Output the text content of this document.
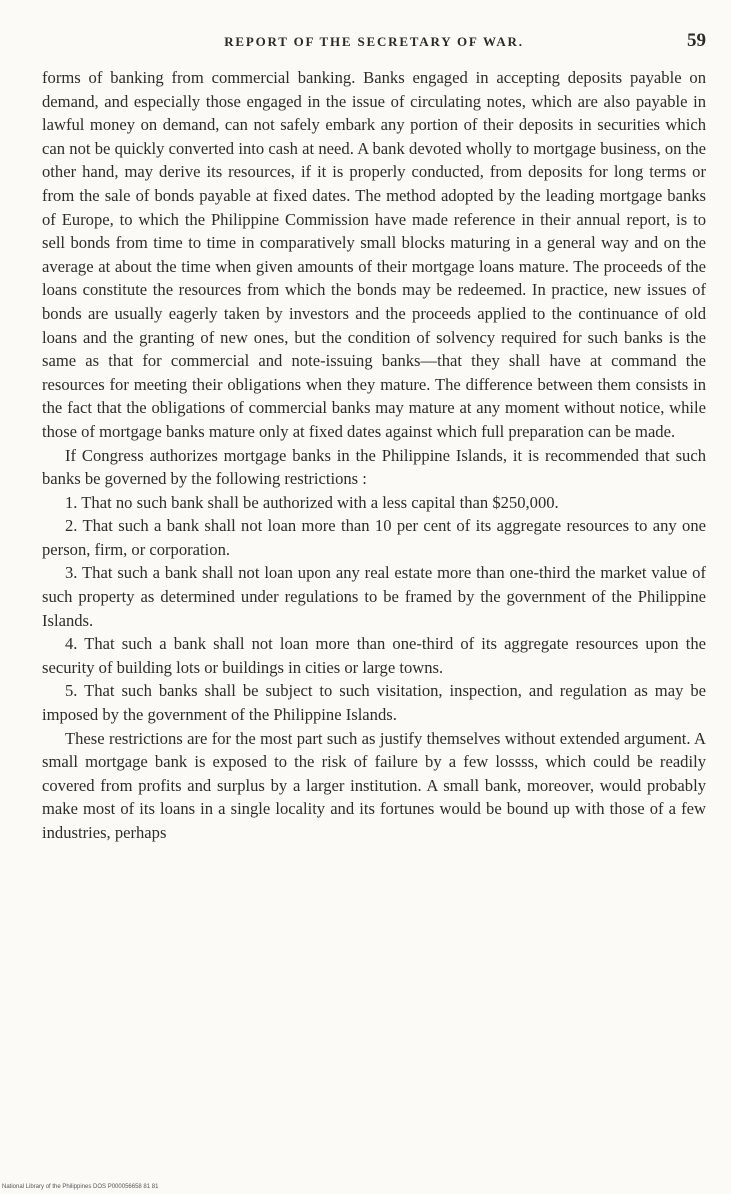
REPORT OF THE SECRETARY OF WAR.	59

forms of banking from commercial banking. Banks engaged in accepting deposits payable on demand, and especially those engaged in the issue of circulating notes, which are also payable in lawful money on demand, can not safely embark any portion of their deposits in securities which can not be quickly converted into cash at need. A bank devoted wholly to mortgage business, on the other hand, may derive its resources, if it is properly conducted, from deposits for long terms or from the sale of bonds payable at fixed dates. The method adopted by the leading mortgage banks of Europe, to which the Philippine Commission have made reference in their annual report, is to sell bonds from time to time in comparatively small blocks maturing in a general way and on the average at about the time when given amounts of their mortgage loans mature. The proceeds of the loans constitute the resources from which the bonds may be redeemed. In practice, new issues of bonds are usually eagerly taken by investors and the proceeds applied to the continuance of old loans and the granting of new ones, but the condition of solvency required for such banks is the same as that for commercial and note-issuing banks—that they shall have at command the resources for meeting their obligations when they mature. The difference between them consists in the fact that the obligations of commercial banks may mature at any moment without notice, while those of mortgage banks mature only at fixed dates against which full preparation can be made.

If Congress authorizes mortgage banks in the Philippine Islands, it is recommended that such banks be governed by the following restrictions :

1. That no such bank shall be authorized with a less capital than $250,000.

2. That such a bank shall not loan more than 10 per cent of its aggregate resources to any one person, firm, or corporation.

3. That such a bank shall not loan upon any real estate more than one-third the market value of such property as determined under regulations to be framed by the government of the Philippine Islands.

4. That such a bank shall not loan more than one-third of its aggregate resources upon the security of building lots or buildings in cities or large towns.

5. That such banks shall be subject to such visitation, inspection, and regulation as may be imposed by the government of the Philippine Islands.

These restrictions are for the most part such as justify themselves without extended argument. A small mortgage bank is exposed to the risk of failure by a few lossss, which could be readily covered from profits and surplus by a larger institution. A small bank, moreover, would probably make most of its loans in a single locality and its fortunes would be bound up with those of a few industries, perhaps

National Library of the Philippines DOS P000056658 81 81
